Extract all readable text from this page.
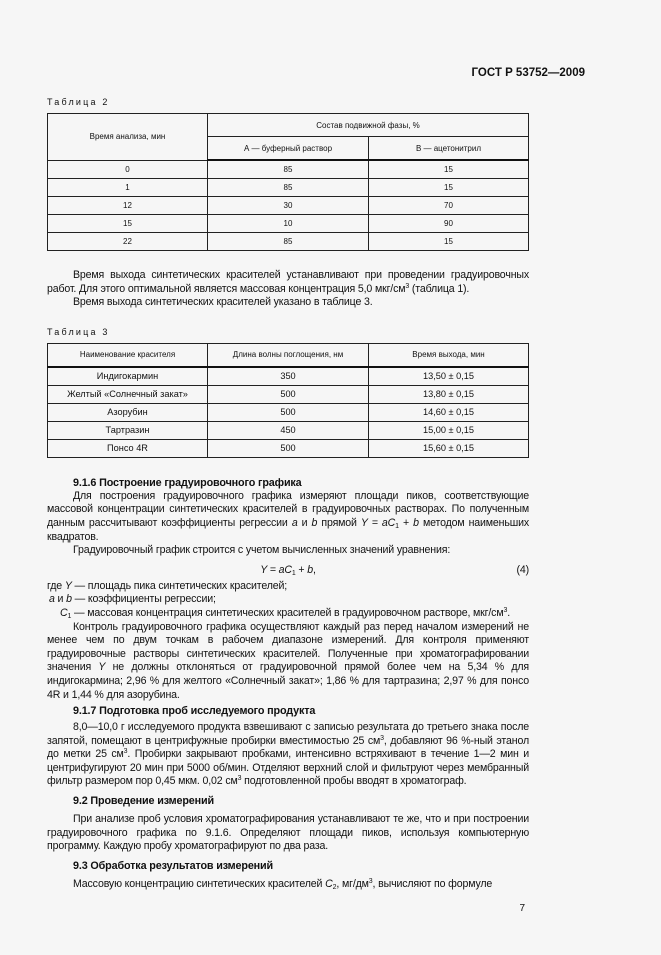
ГОСТ Р 53752—2009
Таблица 2
Время анализа, мин	Состав подвижной фазы, %	
	А — буферный раствор	В — ацетонитрил
0	85	15
1	85	15
12	30	70
15	10	90
22	85	15

Время выхода синтетических красителей устанавливают при проведении градуировочных работ. Для этого оптимальной является массовая концентрация 5,0 мкг/$см^3$ (таблица 1).

Время выхода синтетических красителей указано в таблице 3.

Таблица 3
Наименование красителя	Длина волны поглощения, нм	Время выхода, мин
Индигокармин	350	13,50 ± 0,15
Желтый «Солнечный закат»	500	13,80 ± 0,15
Азорубин	500	14,60 ± 0,15
Тартразин	450	15,00 ± 0,15
Понсо 4R	500	15,60 ± 0,15
9.1.6 Построение градуировочного графика

Для построения градуировочного графика измеряют площади пиков, соответствующие массовой концентрации синтетических красителей в градуировочных растворах. По полученным данным рассчитывают коэффициенты регрессии a и b прямой $Y = aC_1 + b$ методом наименьших квадратов.

Градуировочный график строится с учетом вычисленных значений уравнения:

$Y = aC_1 + b$,	(4)

где Y — площадь пика синтетических красителей;

a и b — коэффициенты регрессии;

$C_1$ — массовая концентрация синтетических красителей в градуировочном растворе, мкг/$см^3$.

Контроль градуировочного графика осуществляют каждый раз перед началом измерений не менее чем по двум точкам в рабочем диапазоне измерений. Для контроля применяют градуировочные растворы синтетических красителей. Полученные при хроматографировании значения Y не должны отклоняться от градуировочной прямой более чем на 5,34 % для индигокармина; 2,96 % для желтого «Солнечный закат»; 1,86 % для тартразина; 2,97 % для понсо 4R и 1,44 % для азорубина.

9.1.7 Подготовка проб исследуемого продукта

8,0—10,0 г исследуемого продукта взвешивают с записью результата до третьего знака после запятой, помещают в центрифужные пробирки вместимостью 25 $см^3$, добавляют 96 %-ный этанол до метки 25 $см^3$. Пробирки закрывают пробками, интенсивно встряхивают в течение 1—2 мин и центрифугируют 20 мин при 5000 об/мин. Отделяют верхний слой и фильтруют через мембранный фильтр размером пор 0,45 мкм. 0,02 $см^3$ подготовленной пробы вводят в хроматограф.

9.2 Проведение измерений

При анализе проб условия хроматографирования устанавливают те же, что и при построении градуировочного графика по 9.1.6. Определяют площади пиков, используя компьютерную программу. Каждую пробу хроматографируют по два раза.

9.3 Обработка результатов измерений

Массовую концентрацию синтетических красителей $C_2$, $мг/дм^3$, вычисляют по формуле

7
